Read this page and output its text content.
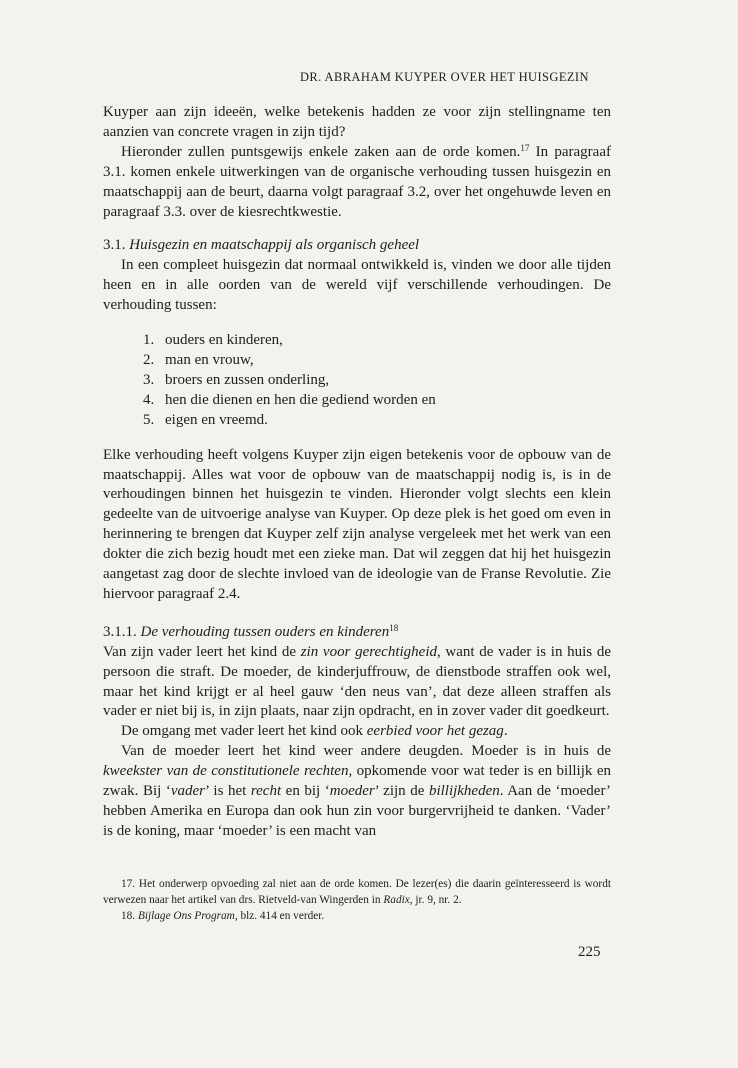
DR. ABRAHAM KUYPER OVER HET HUISGEZIN

Kuyper aan zijn ideeën, welke betekenis hadden ze voor zijn stellingname ten aanzien van concrete vragen in zijn tijd?

Hieronder zullen puntsgewijs enkele zaken aan de orde komen.$^{17}$ In paragraaf 3.1. komen enkele uitwerkingen van de organische verhouding tussen huisgezin en maatschappij aan de beurt, daarna volgt paragraaf 3.2, over het ongehuwde leven en paragraaf 3.3. over de kiesrechtkwestie.

3.1. Huisgezin en maatschappij als organisch geheel

In een compleet huisgezin dat normaal ontwikkeld is, vinden we door alle tijden heen en in alle oorden van de wereld vijf verschillende verhoudingen. De verhouding tussen:

1. ouders en kinderen,
2. man en vrouw,
3. broers en zussen onderling,
4. hen die dienen en hen die gediend worden en
5. eigen en vreemd.

Elke verhouding heeft volgens Kuyper zijn eigen betekenis voor de opbouw van de maatschappij. Alles wat voor de opbouw van de maatschappij nodig is, is in de verhoudingen binnen het huisgezin te vinden. Hieronder volgt slechts een klein gedeelte van de uitvoerige analyse van Kuyper. Op deze plek is het goed om even in herinnering te brengen dat Kuyper zelf zijn analyse vergeleek met het werk van een dokter die zich bezig houdt met een zieke man. Dat wil zeggen dat hij het huisgezin aangetast zag door de slechte invloed van de ideologie van de Franse Revolutie. Zie hiervoor paragraaf 2.4.

3.1.1. De verhouding tussen ouders en kinderen$^{18}$

Van zijn vader leert het kind de zin voor gerechtigheid, want de vader is in huis de persoon die straft. De moeder, de kinderjuffrouw, de dienstbode straffen ook wel, maar het kind krijgt er al heel gauw ‘den neus van’, dat deze alleen straffen als vader er niet bij is, in zijn plaats, naar zijn opdracht, en in zover vader dit goedkeurt.

De omgang met vader leert het kind ook eerbied voor het gezag.

Van de moeder leert het kind weer andere deugden. Moeder is in huis de kweekster van de constitutionele rechten, opkomende voor wat teder is en billijk en zwak. Bij ‘vader’ is het recht en bij ‘moeder’ zijn de billijkheden. Aan de ‘moeder’ hebben Amerika en Europa dan ook hun zin voor burgervrijheid te danken. ‘Vader’ is de koning, maar ‘moeder’ is een macht van

17. Het onderwerp opvoeding zal niet aan de orde komen. De lezer(es) die daarin geïnteresseerd is wordt verwezen naar het artikel van drs. Rietveld-van Wingerden in Radix, jr. 9, nr. 2.

18. Bijlage Ons Program, blz. 414 en verder.

225
